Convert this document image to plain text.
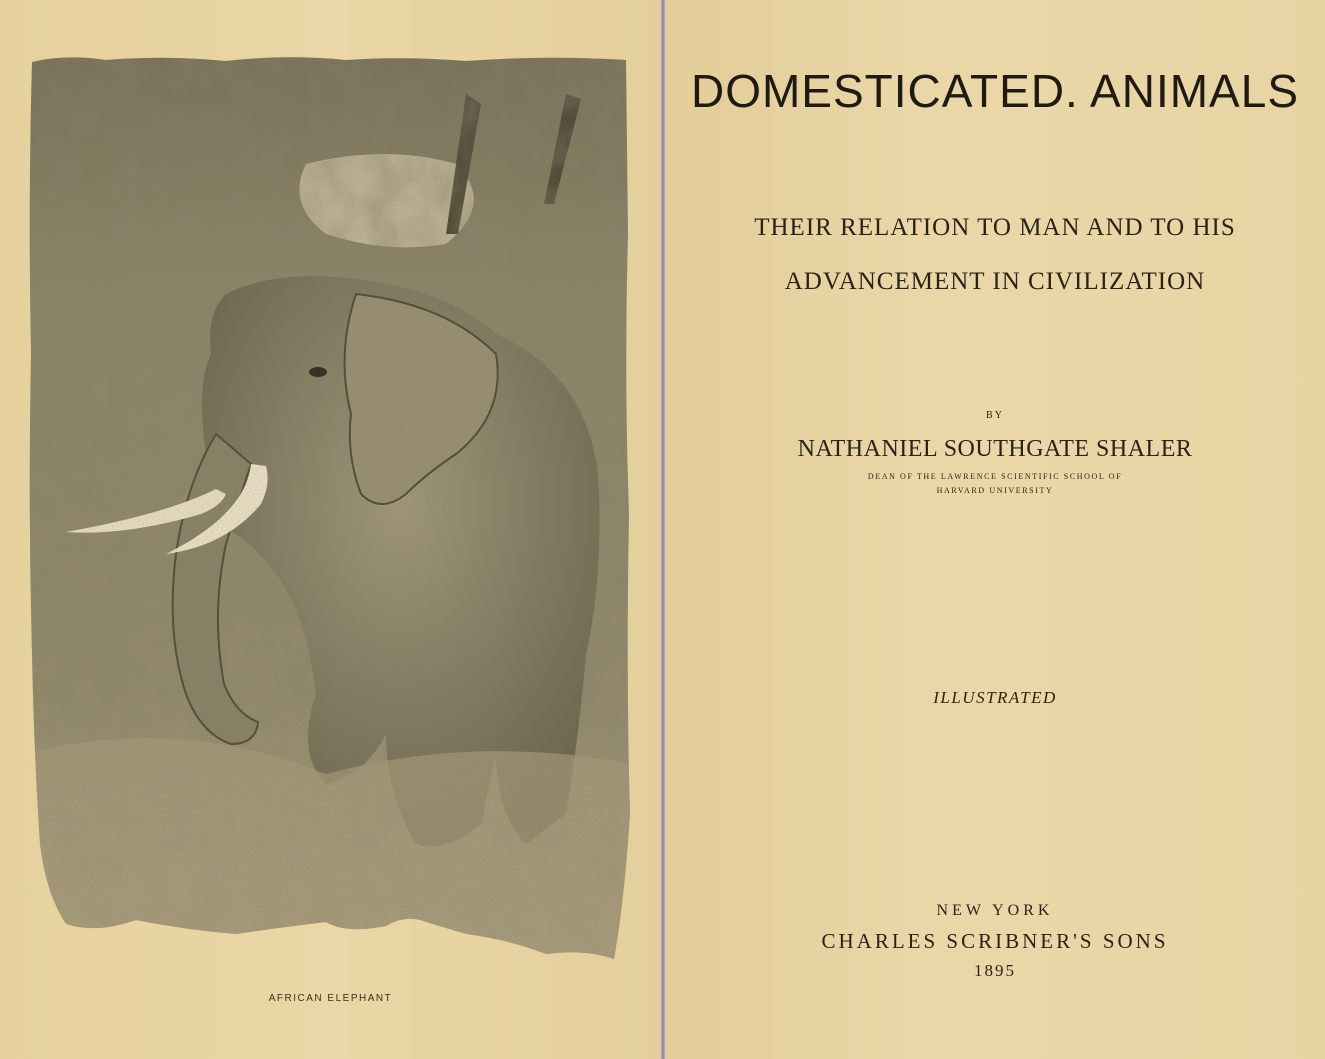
AFRICAN ELEPHANT
DOMESTICATED. ANIMALS
THEIR RELATION TO MAN AND TO HIS
ADVANCEMENT IN CIVILIZATION
BY
NATHANIEL SOUTHGATE SHALER
DEAN OF THE LAWRENCE SCIENTIFIC SCHOOL OF
HARVARD UNIVERSITY
ILLUSTRATED
NEW YORK
CHARLES SCRIBNER'S SONS
1895
